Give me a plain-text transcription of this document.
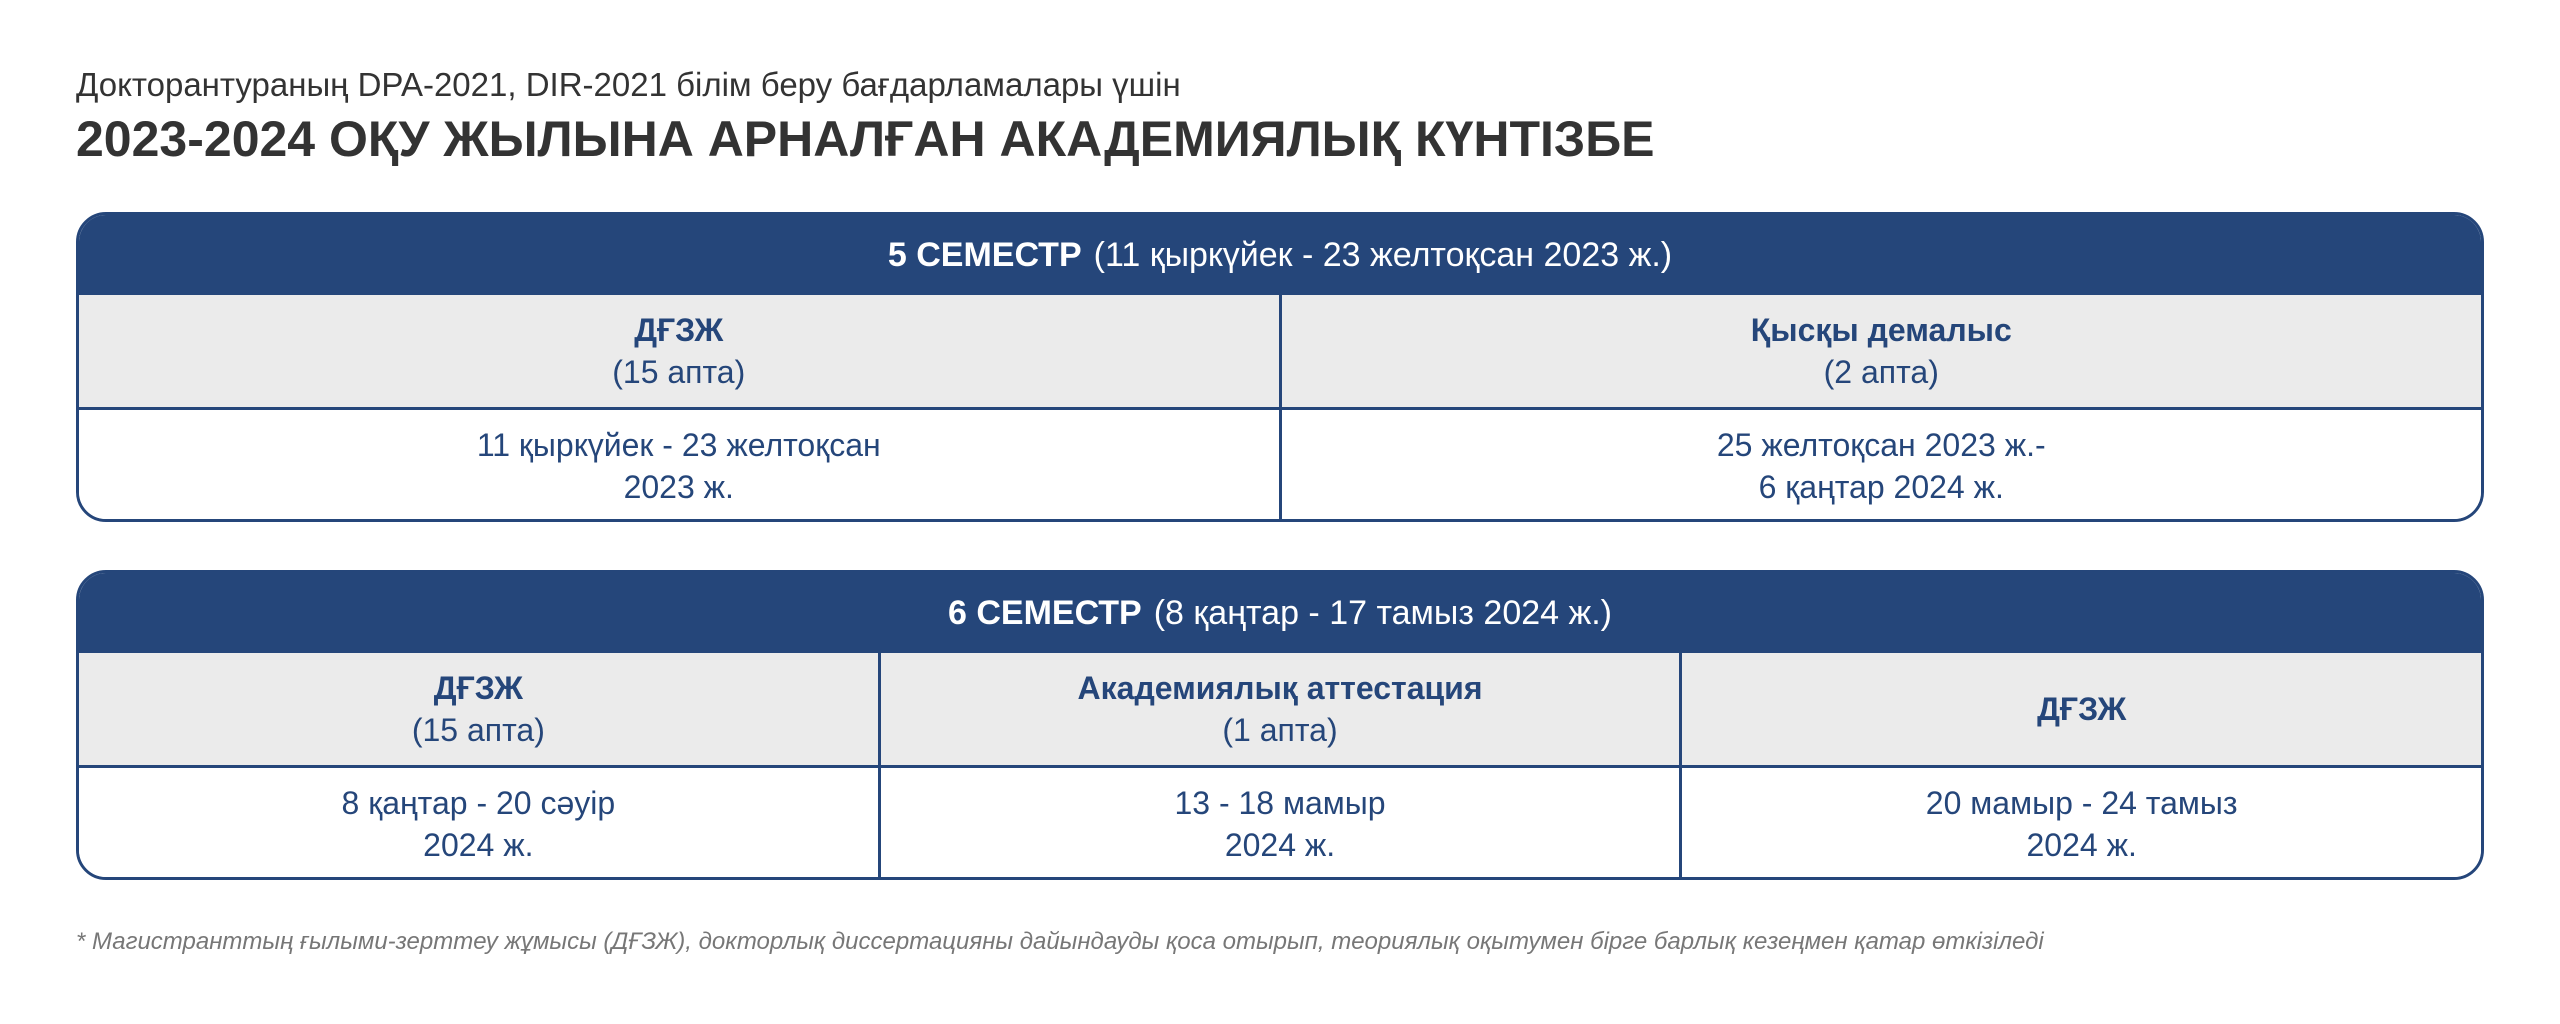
Докторантураның DPA-2021, DIR-2021 білім беру бағдарламалары үшін
2023-2024 ОҚУ ЖЫЛЫНА АРНАЛҒАН АКАДЕМИЯЛЫҚ КҮНТІЗБЕ
5 СЕМЕСТР (11 қыркүйек - 23 желтоқсан 2023 ж.)
ДҒЗЖ
(15 апта)
Қысқы демалыс
(2 апта)
11 қыркүйек - 23 желтоқсан
2023 ж.
25 желтоқсан 2023 ж.-
6 қаңтар 2024 ж.
6 СЕМЕСТР (8 қаңтар - 17 тамыз 2024 ж.)
ДҒЗЖ
(15 апта)
Академиялық аттестация
(1 апта)
ДҒЗЖ
8 қаңтар - 20 сәуір
2024 ж.
13 - 18 мамыр
2024 ж.
20 мамыр - 24 тамыз
2024 ж.
* Магистранттың ғылыми-зерттеу жұмысы (ДҒЗЖ), докторлық диссертацияны дайындауды қоса отырып, теориялық оқытумен бірге барлық кезеңмен қатар өткізіледі
